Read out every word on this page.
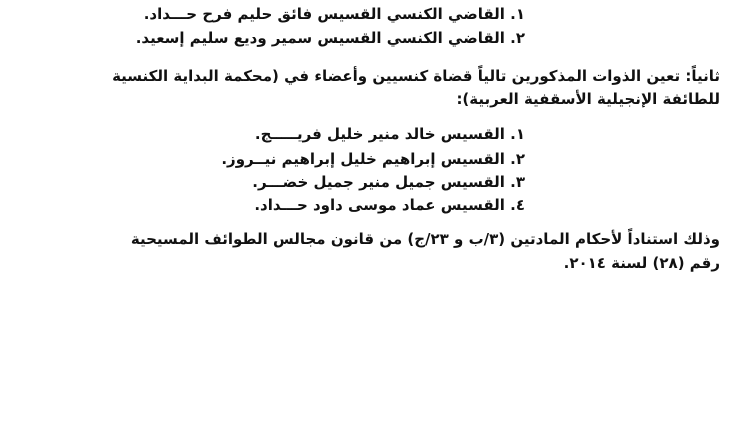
١. القاضي الكنسي القسيس فائق حليم فرح حـــداد.

٢. القاضي الكنسي القسيس سمير وديع سليم إسعيد.

ثانياً: تعين الذوات المذكورين تالياً قضاة كنسيين وأعضاء في (محكمة البداية الكنسية

للطائفة الإنجيلية الأسقفية العربية):

١. القسيس خالد منير خليل فريـــــج.

٢. القسيس إبراهيم خليل إبراهيم نيــروز.

٣. القسيس جميل منير جميل خضـــر.

٤. القسيس عماد موسى داود حـــداد.

وذلك استناداً لأحكام المادتين (٣/ب و ٢٣/ج) من قانون مجالس الطوائف المسيحية

رقم (٢٨) لسنة ٢٠١٤.
